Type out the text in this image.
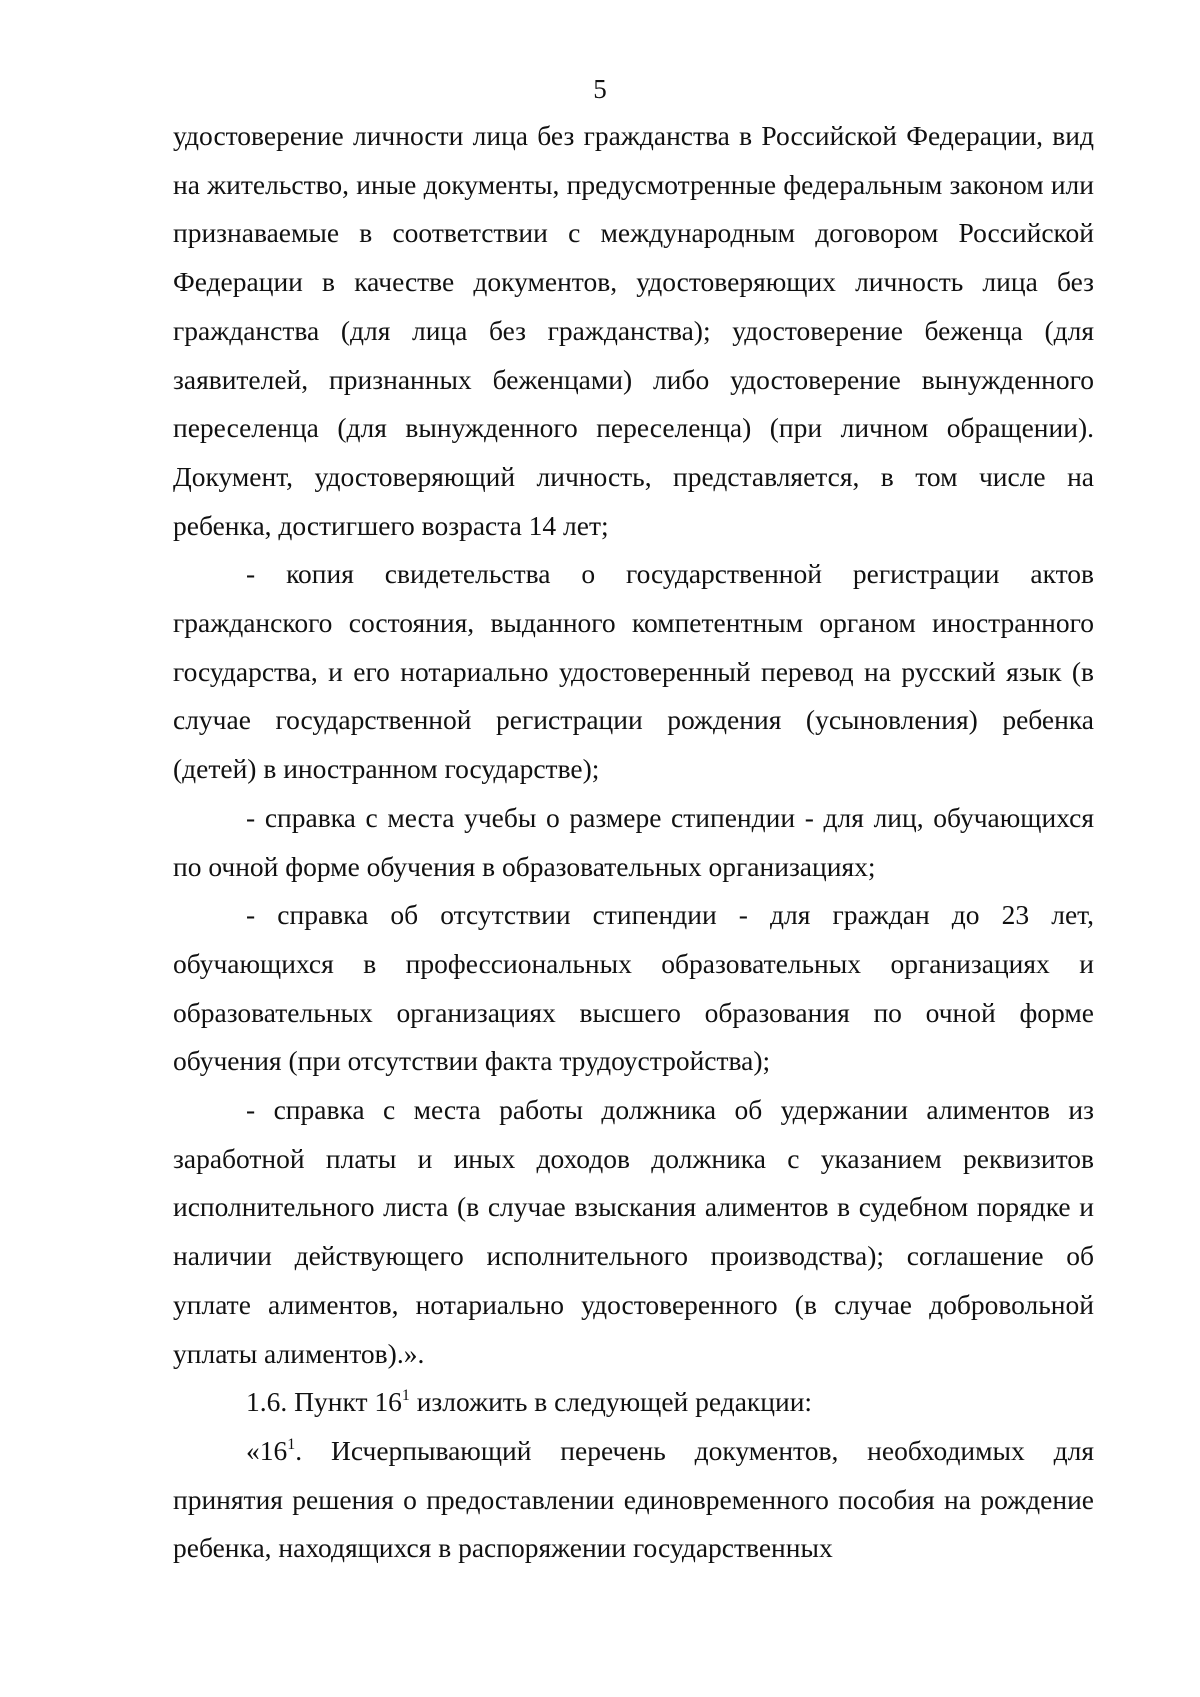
5

удостоверение личности лица без гражданства в Российской Федерации, вид на жительство, иные документы, предусмотренные федеральным законом или признаваемые в соответствии с международным договором Российской Федерации в качестве документов, удостоверяющих личность лица без гражданства (для лица без гражданства); удостоверение беженца (для заявителей, признанных беженцами) либо удостоверение вынужденного переселенца (для вынужденного переселенца) (при личном обращении). Документ, удостоверяющий личность, представляется, в том числе на ребенка, достигшего возраста 14 лет;

- копия свидетельства о государственной регистрации актов гражданского состояния, выданного компетентным органом иностранного государства, и его нотариально удостоверенный перевод на русский язык (в случае государственной регистрации рождения (усыновления) ребенка (детей) в иностранном государстве);

- справка с места учебы о размере стипендии - для лиц, обучающихся по очной форме обучения в образовательных организациях;

- справка об отсутствии стипендии - для граждан до 23 лет, обучающихся в профессиональных образовательных организациях и образовательных организациях высшего образования по очной форме обучения (при отсутствии факта трудоустройства);

- справка с места работы должника об удержании алиментов из заработной платы и иных доходов должника с указанием реквизитов исполнительного листа (в случае взыскания алиментов в судебном порядке и наличии действующего исполнительного производства); соглашение об уплате алиментов, нотариально удостоверенного (в случае добровольной уплаты алиментов).».

1.6. Пункт $16^1$ изложить в следующей редакции:

«$16^1$. Исчерпывающий перечень документов, необходимых для принятия решения о предоставлении единовременного пособия на рождение ребенка, находящихся в распоряжении государственных
